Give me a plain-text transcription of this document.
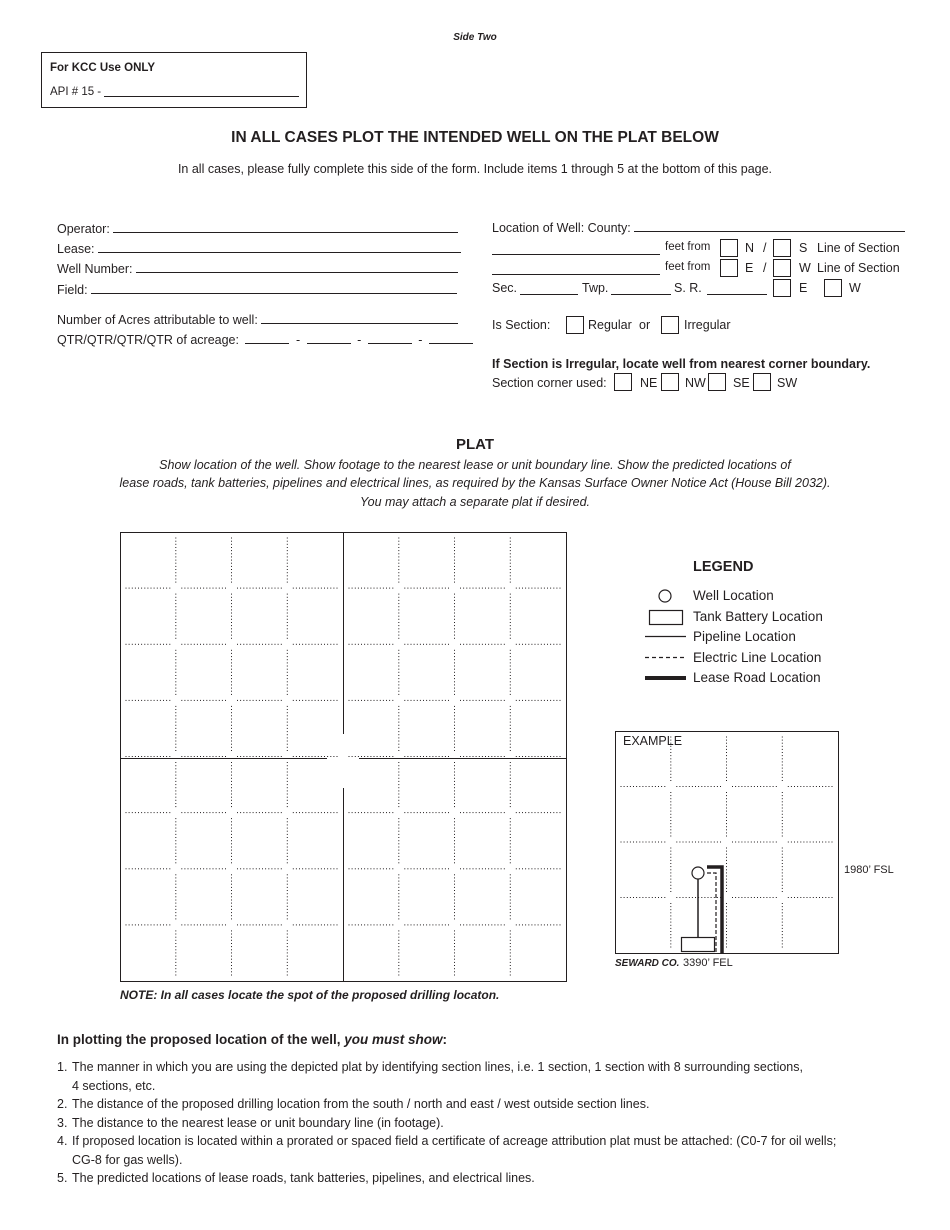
Side Two
For KCC Use ONLY
API # 15 -
IN ALL CASES PLOT THE INTENDED WELL ON THE PLAT BELOW
In all cases, please fully complete this side of the form. Include items 1 through 5 at the bottom of this page.
Operator:
Lease:
Well Number:
Field:
Number of Acres attributable to well:
QTR/QTR/QTR/QTR of acreage:	-	-	-
Location of Well: County:
feet from	N /	S Line of Section
feet from	E /	W Line of Section
Sec.	Twp.	S. R.	E	W
Is Section:	Regular or	Irregular
If Section is Irregular, locate well from nearest corner boundary.
Section corner used:	NE NW SE SW
PLAT
Show location of the well. Show footage to the nearest lease or unit boundary line. Show the predicted locations of
lease roads, tank batteries, pipelines and electrical lines, as required by the Kansas Surface Owner Notice Act (House Bill 2032).
You may attach a separate plat if desired.
NOTE: In all cases locate the spot of the proposed drilling locaton.
LEGEND
Well Location
Tank Battery Location
Pipeline Location
Electric Line Location
Lease Road Location
EXAMPLE
1980’ FSL
SEWARD CO. 3390’ FEL
In plotting the proposed location of the well, you must show:
1. The manner in which you are using the depicted plat by identifying section lines, i.e. 1 section, 1 section with 8 surrounding sections,
4 sections, etc.
2. The distance of the proposed drilling location from the south / north and east / west outside section lines.
3. The distance to the nearest lease or unit boundary line (in footage).
4. If proposed location is located within a prorated or spaced field a certificate of acreage attribution plat must be attached: (C0-7 for oil wells;
CG-8 for gas wells).
5. The predicted locations of lease roads, tank batteries, pipelines, and electrical lines.
